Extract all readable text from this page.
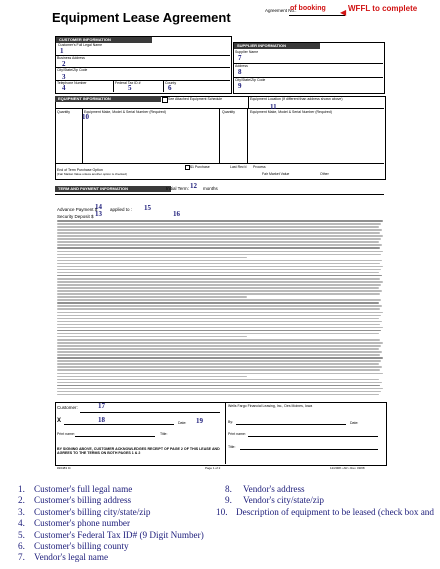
Equipment Lease Agreement	Agreement No.:
of booking	WFFL to complete
◀
CUSTOMER INFORMATION
Customer's Full Legal Name
1
Business Address
2
City/State/Zip Code
3
Telephone Number	Federal Tax ID #	County
4	5	6
SUPPLIER INFORMATION
Supplier Name
7
Address
8
City/State/Zip Code
9
EQUIPMENT INFORMATION	See Attached Equipment Schedule	Equipment Location (If different than address shown above)
Quantity	Equipment Make, Model & Serial Number (Required)	Quantity	Equipment Make, Model & Serial Number (Required)
10
11
End of Term Purchase Option
(Fair Market Value unless another option is checked)
$1 Purchase	Last Rec'd Process
Fair Market Value	Other
TERM AND PAYMENT INFORMATION	Initial Term: 12 months
Advance Payment $
14 applied to : 15
Security Deposit $ 13	16
Customer:	17
X	18	Date: 19
Print name:	Title:
BY SIGNING ABOVE, CUSTOMER ACKNOWLEDGES RECEIPT OF PAGE 2 OF THIS LEASE AND AGREES TO THE TERMS ON BOTH PAGES 1 & 2
Wells Fargo Financial Leasing, Inc., Des Moines, Iowa
By:	Date:
Print name:
Title:
#20483 IC	Page 1 of 2	12/2008 • AR • Rev. 09/08
1. Customer's full legal name
2. Customer's billing address
3. Customer's billing city/state/zip
4. Customer's phone number
5. Customer's Federal Tax ID# (9 Digit Number)
6. Customer's billing county
7. Vendor's legal name
8. Vendor's address
9. Vendor's city/state/zip
10. Description of equipment to be leased (check box and
